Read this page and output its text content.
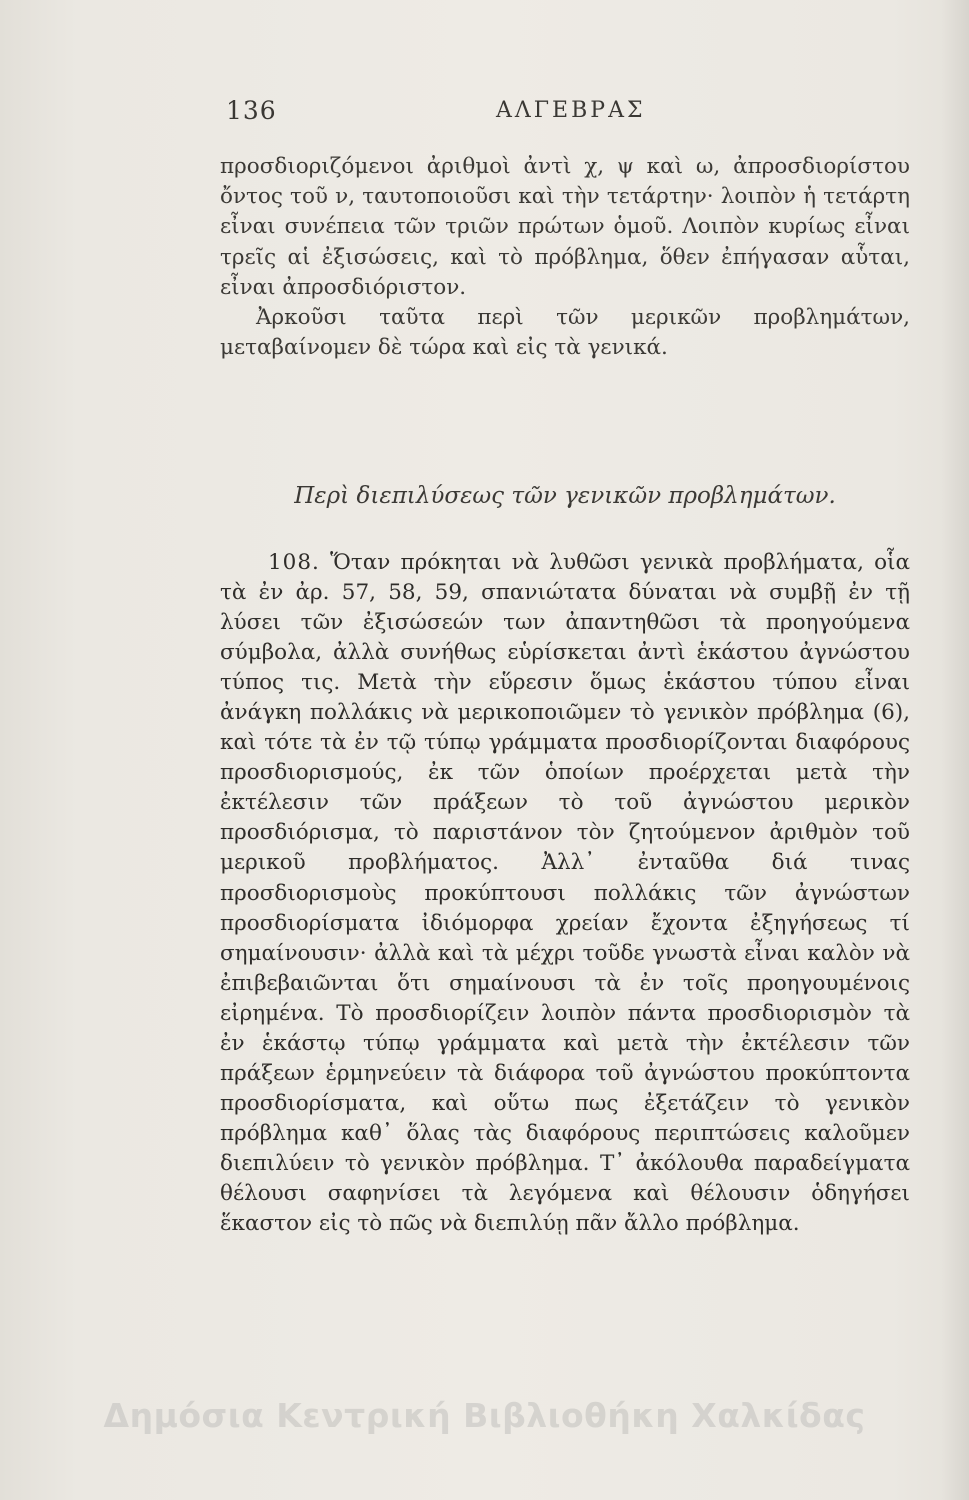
136	ΑΛΓΕΒΡΑΣ

προσδιοριζόμενοι ἀριθμοὶ ἀντὶ χ, ψ καὶ ω, ἀπροσδιορίστου ὄντος τοῦ ν, ταυτοποιοῦσι καὶ τὴν τετάρτην· λοιπὸν ἡ τετάρτη εἶναι συνέπεια τῶν τριῶν πρώτων ὁμοῦ. Λοιπὸν κυρίως εἶναι τρεῖς αἱ ἐξισώσεις, καὶ τὸ πρόβλημα, ὅθεν ἐπήγασαν αὗται, εἶναι ἀπροσδιόριστον.

Ἀρκοῦσι ταῦτα περὶ τῶν μερικῶν προβλημάτων, μεταβαίνομεν δὲ τώρα καὶ εἰς τὰ γενικά.

Περὶ διεπιλύσεως τῶν γενικῶν προβλημάτων.

108. Ὅταν πρόκηται νὰ λυθῶσι γενικὰ προβλήματα, οἷα τὰ ἐν ἀρ. 57, 58, 59, σπανιώτατα δύναται νὰ συμβῇ ἐν τῇ λύσει τῶν ἐξισώσεών των ἀπαντηθῶσι τὰ προηγούμενα σύμβολα, ἀλλὰ συνήθως εὑρίσκεται ἀντὶ ἑκάστου ἀγνώστου τύπος τις. Μετὰ τὴν εὕρεσιν ὅμως ἑκάστου τύπου εἶναι ἀνάγκη πολλάκις νὰ μερικοποιῶμεν τὸ γενικὸν πρόβλημα (6), καὶ τότε τὰ ἐν τῷ τύπῳ γράμματα προσδιορίζονται διαφόρους προσδιορισμούς, ἐκ τῶν ὁποίων προέρχεται μετὰ τὴν ἐκτέλεσιν τῶν πράξεων τὸ τοῦ ἀγνώστου μερικὸν προσδιόρισμα, τὸ παριστάνον τὸν ζητούμενον ἀριθμὸν τοῦ μερικοῦ προβλήματος. Ἀλλ᾽ ἐνταῦθα διά τινας προσδιορισμοὺς προκύπτουσι πολλάκις τῶν ἀγνώστων προσδιορίσματα ἰδιόμορφα χρείαν ἔχοντα ἐξηγήσεως τί σημαίνουσιν· ἀλλὰ καὶ τὰ μέχρι τοῦδε γνωστὰ εἶναι καλὸν νὰ ἐπιβεβαιῶνται ὅτι σημαίνουσι τὰ ἐν τοῖς προηγουμένοις εἰρημένα. Τὸ προσδιορίζειν λοιπὸν πάντα προσδιορισμὸν τὰ ἐν ἑκάστῳ τύπῳ γράμματα καὶ μετὰ τὴν ἐκτέλεσιν τῶν πράξεων ἑρμηνεύειν τὰ διάφορα τοῦ ἀγνώστου προκύπτοντα προσδιορίσματα, καὶ οὕτω πως ἐξετάζειν τὸ γενικὸν πρόβλημα καθ᾽ ὅλας τὰς διαφόρους περιπτώσεις καλοῦμεν διεπιλύειν τὸ γενικὸν πρόβλημα. Τ᾽ ἀκόλουθα παραδείγματα θέλουσι σαφηνίσει τὰ λεγόμενα καὶ θέλουσιν ὁδηγήσει ἕκαστον εἰς τὸ πῶς νὰ διεπιλύῃ πᾶν ἄλλο πρόβλημα.

Δημόσια Κεντρική Βιβλιοθήκη Χαλκίδας
